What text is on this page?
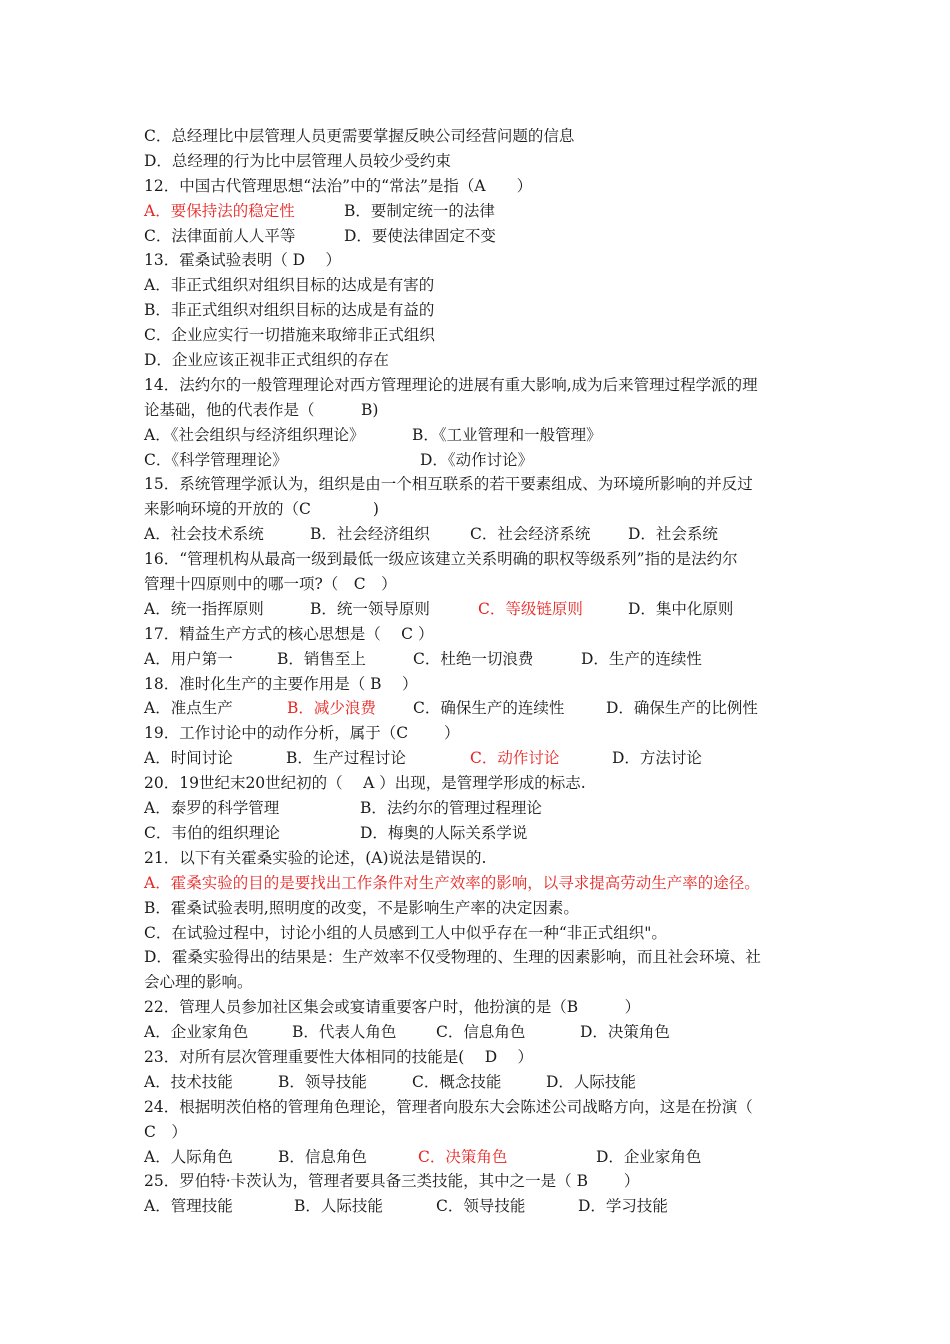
C．总经理比中层管理人员更需要掌握反映公司经营问题的信息
D．总经理的行为比中层管理人员较少受约束
12．中国古代管理思想“法治”中的“常法”是指（A　　）
A．要保持法的稳定性	B．要制定统一的法律
C．法律面前人人平等	D．要使法律固定不变
13．霍桑试验表明（ D　 ）
A．非正式组织对组织目标的达成是有害的
B．非正式组织对组织目标的达成是有益的
C．企业应实行一切措施来取缔非正式组织
D．企业应该正视非正式组织的存在
14．法约尔的一般管理理论对西方管理理论的进展有重大影响,成为后来管理过程学派的理
论基础，他的代表作是（　　　B)
A．《社会组织与经济组织理论》	B．《工业管理和一般管理》
C．《科学管理理论》	D．《动作讨论》
15．系统管理学派认为，组织是由一个相互联系的若干要素组成、为环境所影响的并反过
来影响环境的开放的（C　　　　)
A．社会技术系统	B．社会经济组织	C．社会经济系统 D．社会系统
16．“管理机构从最高一级到最低一级应该建立关系明确的职权等级系列”指的是法约尔
管理十四原则中的哪一项?（　C　）
A．统一指挥原则	B．统一领导原则	C．等级链原则	D．集中化原则
17．精益生产方式的核心思想是（　 C ）
A．用户第一	B．销售至上	C．杜绝一切浪费	D．生产的连续性
18．准时化生产的主要作用是（ B　 ）
A．准点生产	B．减少浪费 C．确保生产的连续性	D．确保生产的比例性
19．工作讨论中的动作分析，属于（C　　 ）
A．时间讨论	B．生产过程讨论	C．动作讨论	D．方法讨论
20．19世纪末20世纪初的（　 A ）出现，是管理学形成的标志.
A．泰罗的科学管理	B．法约尔的管理过程理论
C．韦伯的组织理论	D．梅奥的人际关系学说
21．以下有关霍桑实验的论述，(A)说法是错误的.
A．霍桑实验的目的是要找出工作条件对生产效率的影响，以寻求提高劳动生产率的途径。
B．霍桑试验表明,照明度的改变，不是影响生产率的决定因素。
C．在试验过程中，讨论小组的人员感到工人中似乎存在一种“非正式组织"。
D．霍桑实验得出的结果是：生产效率不仅受物理的、生理的因素影响，而且社会环境、社
会心理的影响。
22．管理人员参加社区集会或宴请重要客户时，他扮演的是（B　　　）
A．企业家角色	B．代表人角色	C．信息角色	D．决策角色
23．对所有层次管理重要性大体相同的技能是(　 D　 ）
A．技术技能	B．领导技能	C．概念技能	D．人际技能
24．根据明茨伯格的管理角色理论，管理者向股东大会陈述公司战略方向，这是在扮演（
C　）
A．人际角色	B．信息角色	C．决策角色	D．企业家角色
25．罗伯特·卡茨认为，管理者要具备三类技能，其中之一是（ B　　 ）
A．管理技能	B．人际技能	C．领导技能	D．学习技能
